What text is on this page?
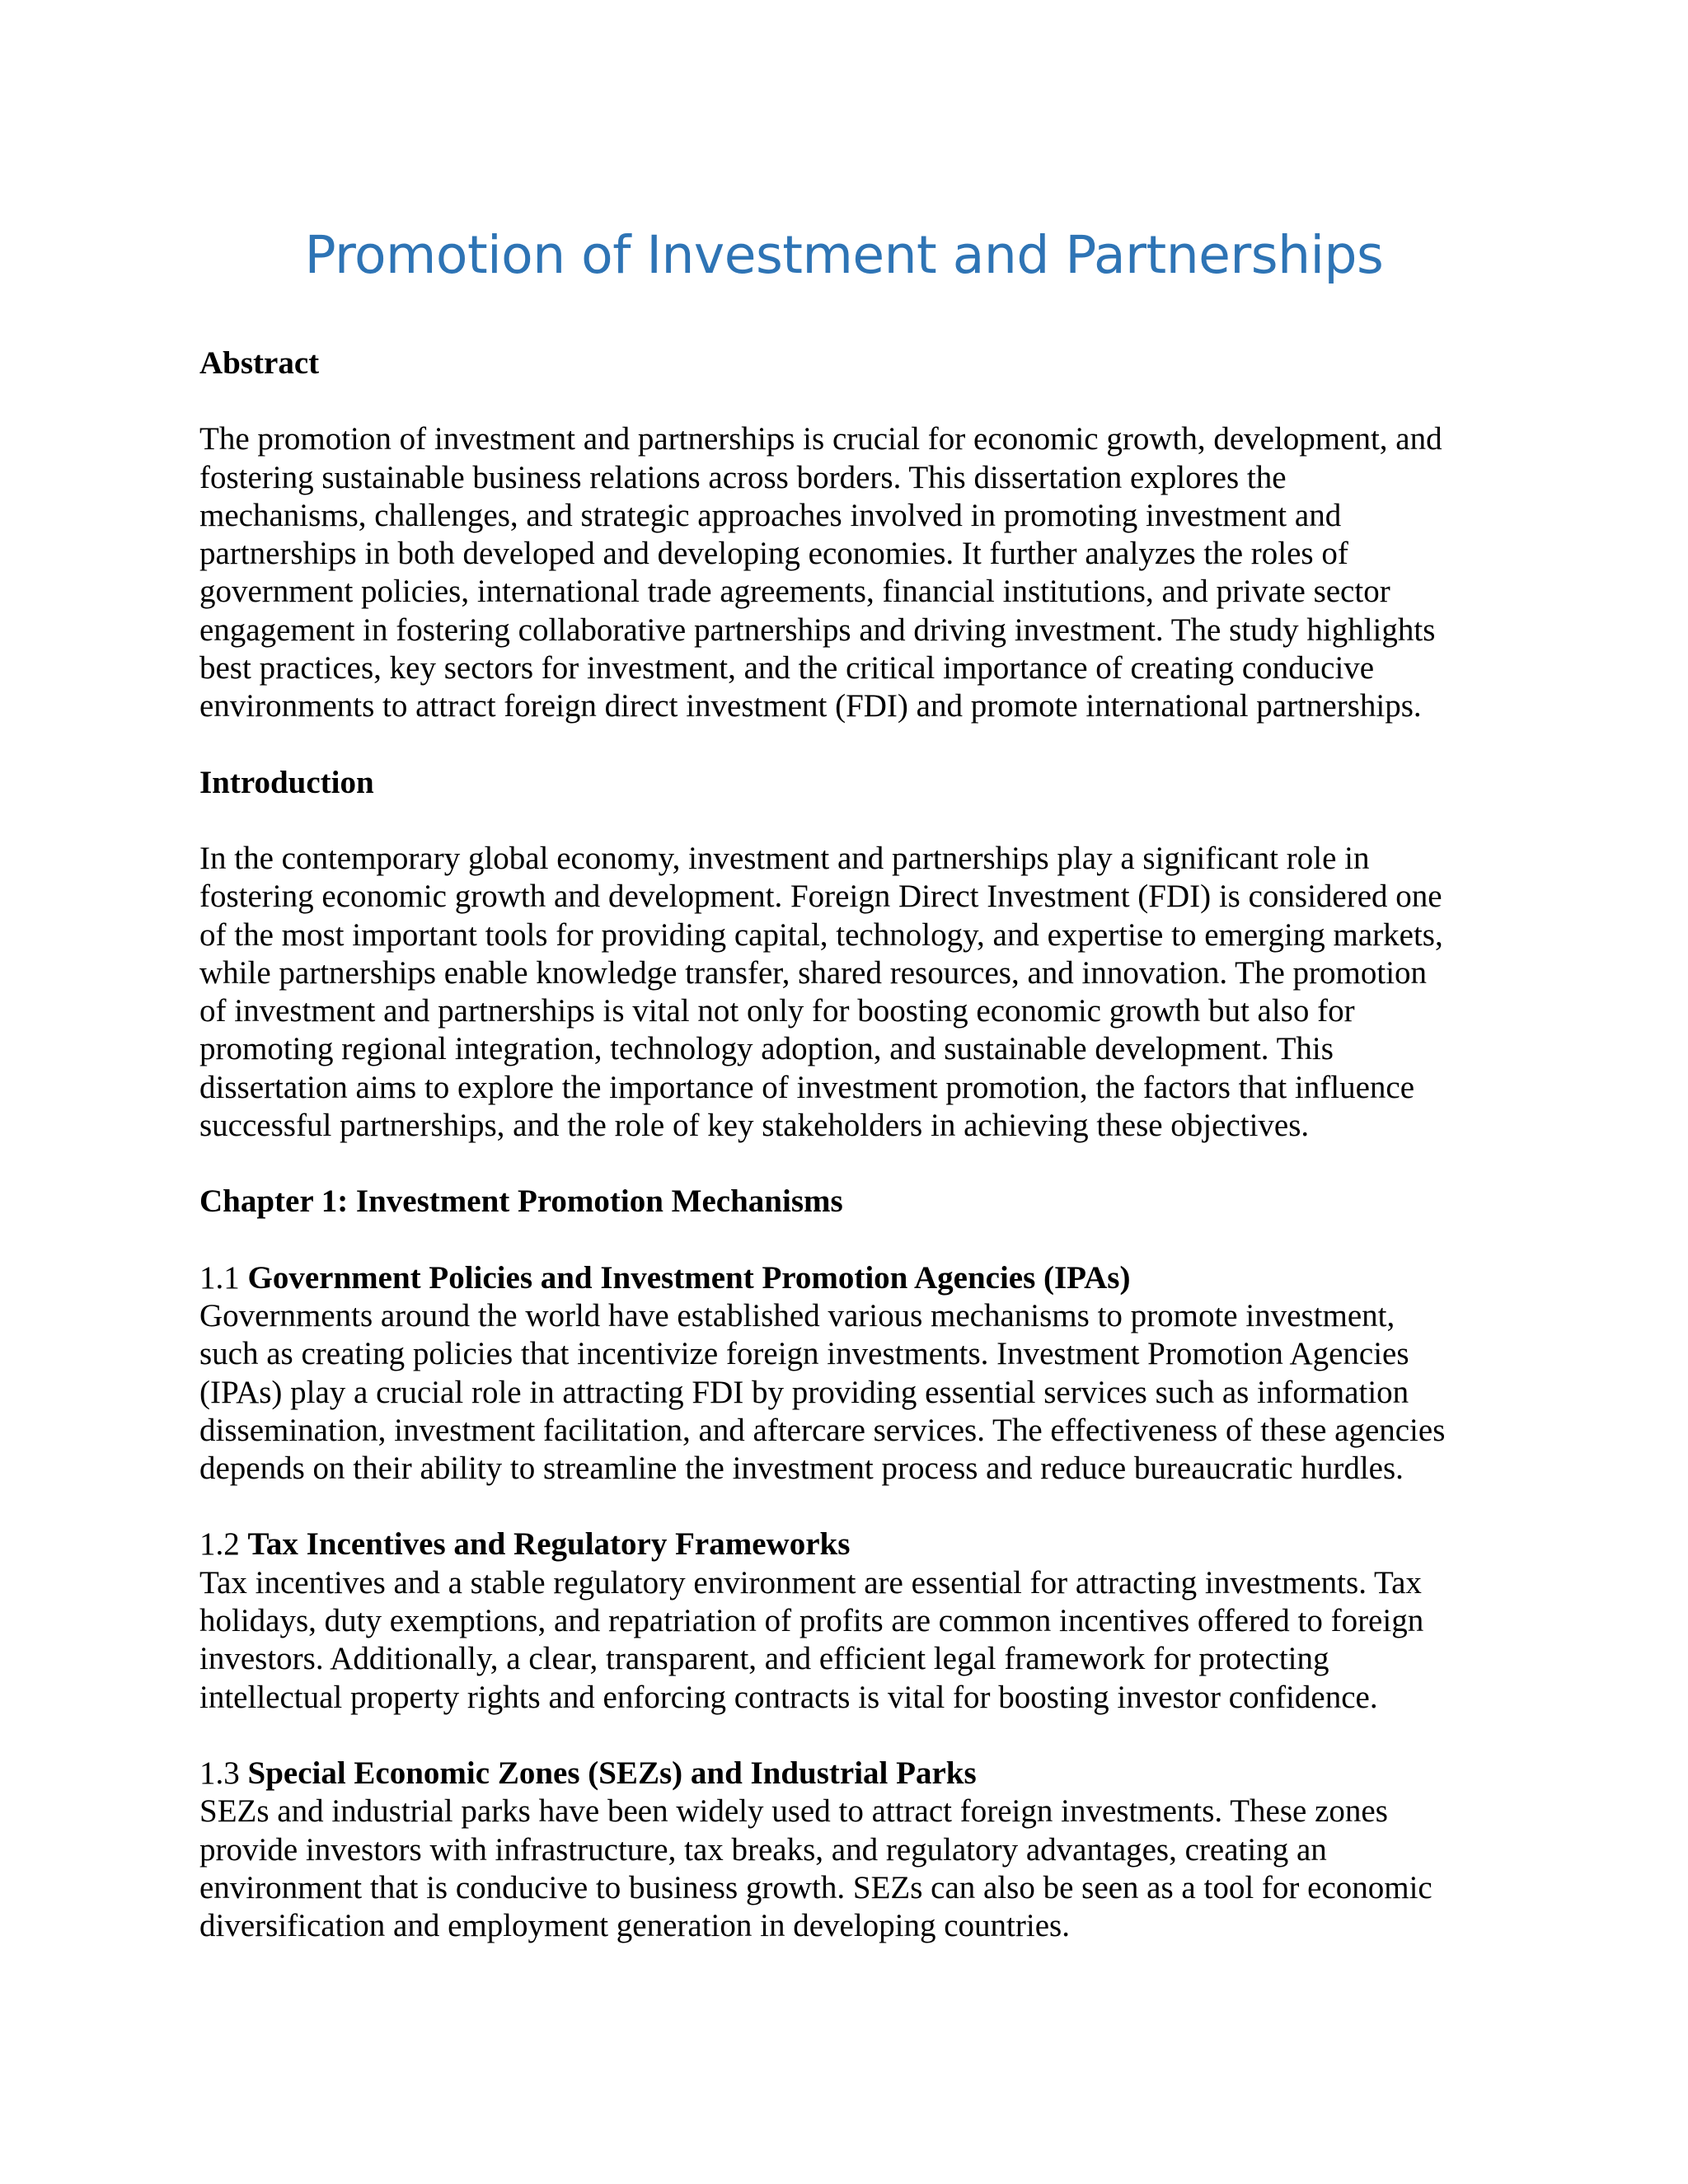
Promotion of Investment and Partnerships

Abstract

The promotion of investment and partnerships is crucial for economic growth, development, and

fostering sustainable business relations across borders. This dissertation explores the

mechanisms, challenges, and strategic approaches involved in promoting investment and

partnerships in both developed and developing economies. It further analyzes the roles of

government policies, international trade agreements, financial institutions, and private sector

engagement in fostering collaborative partnerships and driving investment. The study highlights

best practices, key sectors for investment, and the critical importance of creating conducive

environments to attract foreign direct investment (FDI) and promote international partnerships.

Introduction

In the contemporary global economy, investment and partnerships play a significant role in

fostering economic growth and development. Foreign Direct Investment (FDI) is considered one

of the most important tools for providing capital, technology, and expertise to emerging markets,

while partnerships enable knowledge transfer, shared resources, and innovation. The promotion

of investment and partnerships is vital not only for boosting economic growth but also for

promoting regional integration, technology adoption, and sustainable development. This

dissertation aims to explore the importance of investment promotion, the factors that influence

successful partnerships, and the role of key stakeholders in achieving these objectives.

Chapter 1: Investment Promotion Mechanisms

1.1 Government Policies and Investment Promotion Agencies (IPAs)

Governments around the world have established various mechanisms to promote investment,

such as creating policies that incentivize foreign investments. Investment Promotion Agencies

(IPAs) play a crucial role in attracting FDI by providing essential services such as information

dissemination, investment facilitation, and aftercare services. The effectiveness of these agencies

depends on their ability to streamline the investment process and reduce bureaucratic hurdles.

1.2 Tax Incentives and Regulatory Frameworks

Tax incentives and a stable regulatory environment are essential for attracting investments. Tax

holidays, duty exemptions, and repatriation of profits are common incentives offered to foreign

investors. Additionally, a clear, transparent, and efficient legal framework for protecting

intellectual property rights and enforcing contracts is vital for boosting investor confidence.

1.3 Special Economic Zones (SEZs) and Industrial Parks

SEZs and industrial parks have been widely used to attract foreign investments. These zones

provide investors with infrastructure, tax breaks, and regulatory advantages, creating an

environment that is conducive to business growth. SEZs can also be seen as a tool for economic

diversification and employment generation in developing countries.
